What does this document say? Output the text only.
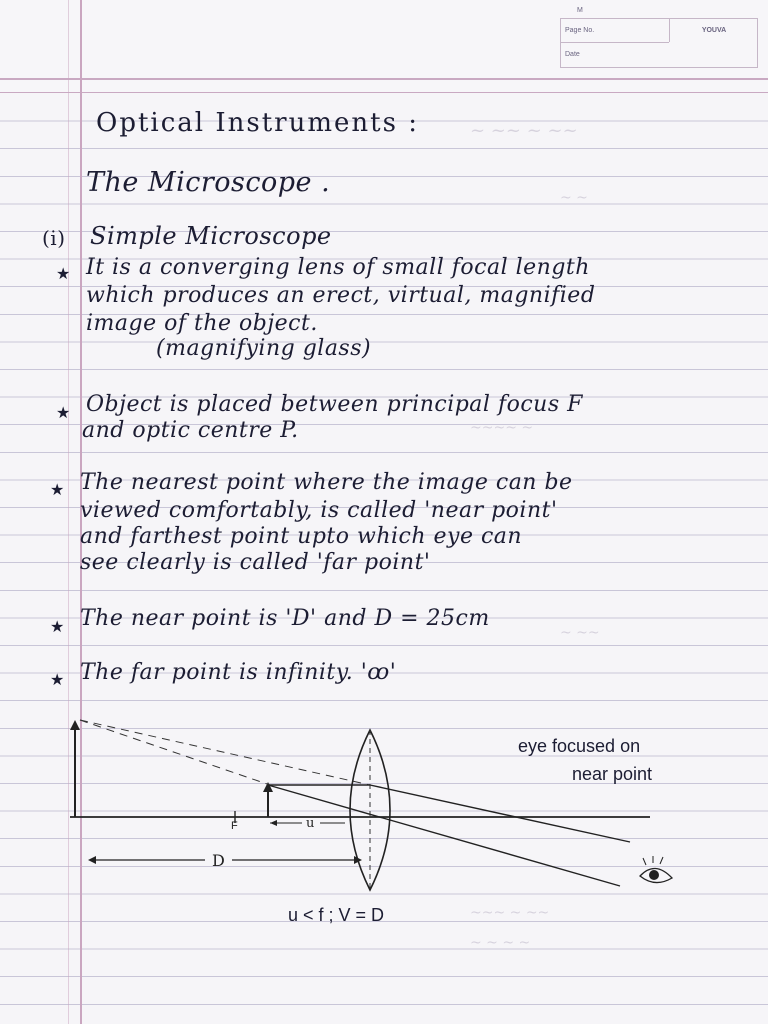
M
Page No.
Date
YOUVA
~ ~~ ~ ~~
~ ~
~~~~ ~
~ ~~
~~~ ~ ~~
~ ~ ~ ~
Optical Instruments :
The Microscope .
(i) Simple Microscope
★ It is a converging lens of small focal length
which produces an erect, virtual, magnified
image of the object.
(magnifying glass)
★ Object is placed between principal focus F
and optic centre P.
★ The nearest point where the image can be
viewed comfortably, is called 'near point'
and farthest point upto which eye can
see clearly is called 'far point'
★ The near point is 'D' and D = 25cm
★ The far point is infinity. 'ꝏ'
F	u
D
eye focused on
near point
u < f ; V = D
